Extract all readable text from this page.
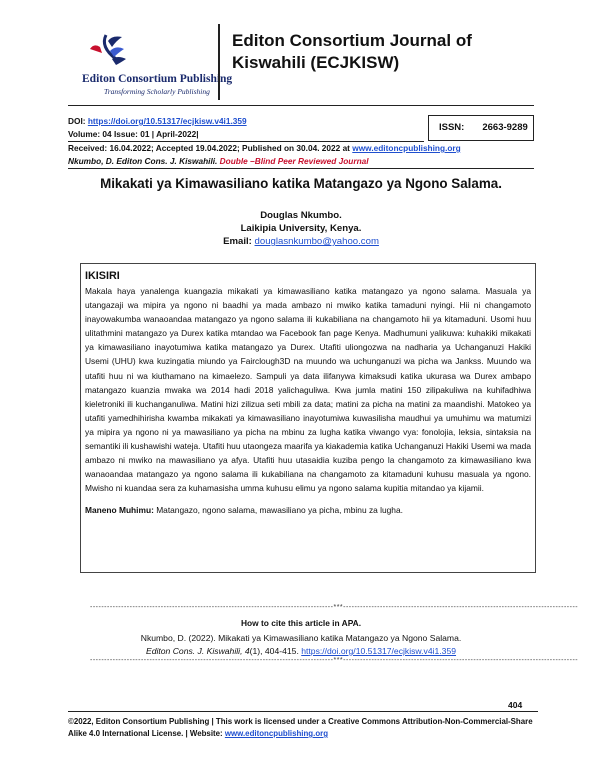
Editon Consortium Publishing
Transforming Scholarly Publishing
Editon Consortium Journal of
Kiswahili (ECJKISW)
DOI: https://doi.org/10.51317/ecjkisw.v4i1.359
Volume: 04 Issue: 01 | April-2022|
Received: 16.04.2022; Accepted 19.04.2022; Published on 30.04. 2022 at www.editoncpublishing.org
Nkumbo, D. Editon Cons. J. Kiswahili. Double –Blind Peer Reviewed Journal
ISSN: 2663-9289
Mikakati ya Kimawasiliano katika Matangazo ya Ngono Salama.
Douglas Nkumbo.
Laikipia University, Kenya.
Email: douglasnkumbo@yahoo.com
IKISIRI
Makala haya yanalenga kuangazia mikakati ya kimawasiliano katika matangazo ya ngono salama. Masuala ya utangazaji wa mipira ya ngono ni baadhi ya mada ambazo ni mwiko katika tamaduni nyingi. Hii ni changamoto inayowakumba wanaoandaa matangazo ya ngono salama ili kukabiliana na changamoto hii ya kitamaduni. Usomi huu ulitathmini matangazo ya Durex katika mtandao wa Facebook fan page Kenya. Madhumuni yalikuwa: kuhakiki mikakati ya kimawasiliano inayotumiwa katika matangazo ya Durex. Utafiti uliongozwa na nadharia ya Uchanganuzi Hakiki Usemi (UHU) kwa kuzingatia miundo ya Fairclough3D na muundo wa uchunganuzi wa picha wa Jankss. Muundo wa utafiti huu ni wa kiuthamano na kimaelezo. Sampuli ya data ilifanywa kimaksudi katika ukurasa wa Durex ambapo matangazo kuanzia mwaka wa 2014 hadi 2018 yalichaguliwa. Kwa jumla matini 150 zilipakuliwa na kuhifadhiwa kieletroniki ili kuchanganuliwa. Matini hizi zilizua seti mbili za data; matini za picha na matini za maandishi. Matokeo ya utafiti yamedhihirisha kwamba mikakati ya kimawasiliano inayotumiwa kuwasilisha maudhui ya umuhimu wa matumizi ya mipira ya ngono ni ya mawasiliano ya picha na mbinu za lugha katika viwango vya: fonolojia, leksia, sintaksia na semantiki ili kushawishi wateja. Utafiti huu utaongeza maarifa ya kiakademia katika Uchanganuzi Hakiki Usemi wa mada ambazo ni mwiko na mawasiliano ya afya. Utafiti huu utasaidia kuziba pengo la changamoto za kimawasiliano kwa wanaoandaa matangazo ya ngono salama ili kukabiliana na changamoto za kitamaduni kuhusu masuala ya ngono. Mwisho ni kuandaa sera za kuhamasisha umma kuhusu elimu ya ngono salama kupitia mitandao ya kijamii.
Maneno Muhimu: Matangazo, ngono salama, mawasiliano ya picha, mbinu za lugha.
--------------------------------------------------------------------------------------***-----------------------------------------------------------------------------------
How to cite this article in APA.
Nkumbo, D. (2022). Mikakati ya Kimawasiliano katika Matangazo ya Ngono Salama.
Editon Cons. J. Kiswahili, 4(1), 404-415. https://doi.org/10.51317/ecjkisw.v4i1.359
--------------------------------------------------------------------------------------***-----------------------------------------------------------------------------------
404
©2022, Editon Consortium Publishing | This work is licensed under a Creative Commons Attribution-Non-Commercial-Share Alike 4.0 International License. | Website: www.editoncpublishing.org
